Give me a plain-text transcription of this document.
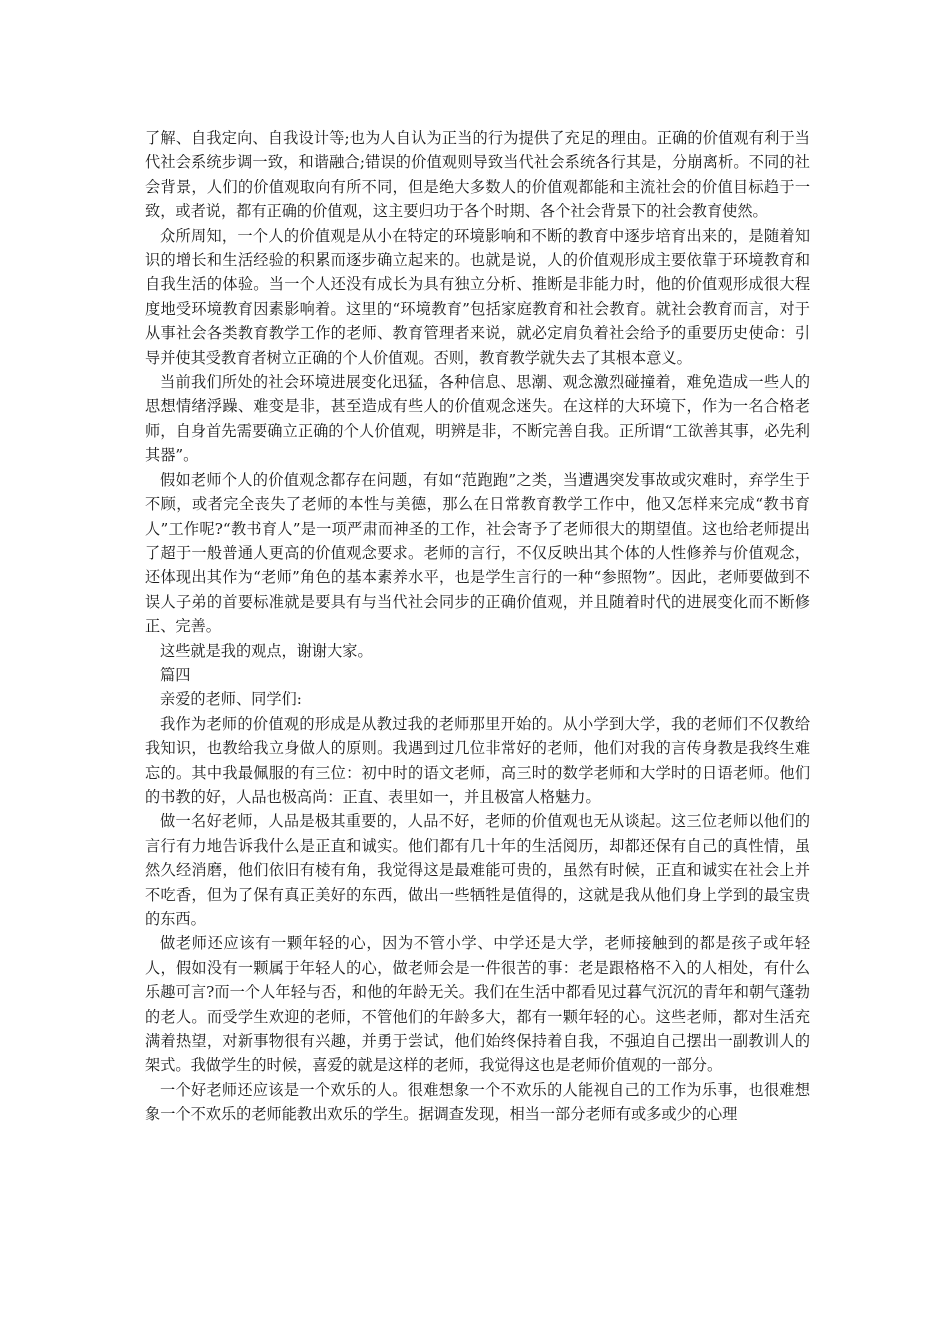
了解、自我定向、自我设计等;也为人自认为正当的行为提供了充足的理由。正确的价值观有利于当代社会系统步调一致，和谐融合;错误的价值观则导致当代社会系统各行其是，分崩离析。不同的社会背景，人们的价值观取向有所不同，但是绝大多数人的价值观都能和主流社会的价值目标趋于一致，或者说，都有正确的价值观，这主要归功于各个时期、各个社会背景下的社会教育使然。

众所周知，一个人的价值观是从小在特定的环境影响和不断的教育中逐步培育出来的，是随着知识的增长和生活经验的积累而逐步确立起来的。也就是说，人的价值观形成主要依靠于环境教育和自我生活的体验。当一个人还没有成长为具有独立分析、推断是非能力时，他的价值观形成很大程度地受环境教育因素影响着。这里的“环境教育”包括家庭教育和社会教育。就社会教育而言，对于从事社会各类教育教学工作的老师、教育管理者来说，就必定肩负着社会给予的重要历史使命：引导并使其受教育者树立正确的个人价值观。否则，教育教学就失去了其根本意义。

当前我们所处的社会环境进展变化迅猛，各种信息、思潮、观念激烈碰撞着，难免造成一些人的思想情绪浮躁、难变是非，甚至造成有些人的价值观念迷失。在这样的大环境下，作为一名合格老师，自身首先需要确立正确的个人价值观，明辨是非，不断完善自我。正所谓“工欲善其事，必先利其器”。

假如老师个人的价值观念都存在问题，有如“范跑跑”之类，当遭遇突发事故或灾难时，弃学生于不顾，或者完全丧失了老师的本性与美德，那么在日常教育教学工作中，他又怎样来完成“教书育人”工作呢?“教书育人”是一项严肃而神圣的工作，社会寄予了老师很大的期望值。这也给老师提出了超于一般普通人更高的价值观念要求。老师的言行，不仅反映出其个体的人性修养与价值观念，还体现出其作为“老师”角色的基本素养水平，也是学生言行的一种“参照物”。因此，老师要做到不误人子弟的首要标准就是要具有与当代社会同步的正确价值观，并且随着时代的进展变化而不断修正、完善。

这些就是我的观点，谢谢大家。

篇四

亲爱的老师、同学们:

我作为老师的价值观的形成是从教过我的老师那里开始的。从小学到大学，我的老师们不仅教给我知识，也教给我立身做人的原则。我遇到过几位非常好的老师，他们对我的言传身教是我终生难忘的。其中我最佩服的有三位：初中时的语文老师，高三时的数学老师和大学时的日语老师。他们的书教的好，人品也极高尚：正直、表里如一，并且极富人格魅力。

做一名好老师，人品是极其重要的，人品不好，老师的价值观也无从谈起。这三位老师以他们的言行有力地告诉我什么是正直和诚实。他们都有几十年的生活阅历，却都还保有自己的真性情，虽然久经消磨，他们依旧有棱有角，我觉得这是最难能可贵的，虽然有时候，正直和诚实在社会上并不吃香，但为了保有真正美好的东西，做出一些牺牲是值得的，这就是我从他们身上学到的最宝贵的东西。

做老师还应该有一颗年轻的心，因为不管小学、中学还是大学，老师接触到的都是孩子或年轻人，假如没有一颗属于年轻人的心，做老师会是一件很苦的事：老是跟格格不入的人相处，有什么乐趣可言?而一个人年轻与否，和他的年龄无关。我们在生活中都看见过暮气沉沉的青年和朝气蓬勃的老人。而受学生欢迎的老师，不管他们的年龄多大，都有一颗年轻的心。这些老师，都对生活充满着热望，对新事物很有兴趣，并勇于尝试，他们始终保持着自我，不强迫自己摆出一副教训人的架式。我做学生的时候，喜爱的就是这样的老师，我觉得这也是老师价值观的一部分。

一个好老师还应该是一个欢乐的人。很难想象一个不欢乐的人能视自己的工作为乐事，也很难想象一个不欢乐的老师能教出欢乐的学生。据调查发现，相当一部分老师有或多或少的心理
